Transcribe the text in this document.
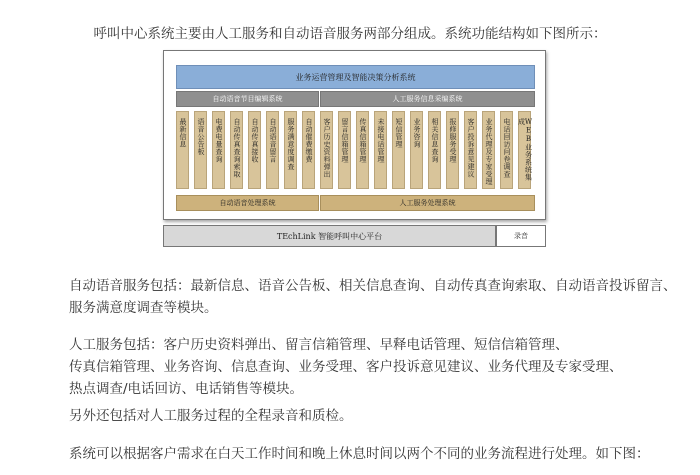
呼叫中心系统主要由人工服务和自动语音服务两部分组成。系统功能结构如下图所示：
业务运营管理及智能决策分析系统
自动语音节目编辑系统	人工服务信息采编系统
最新信息 语音公告板 电费电量查询 自动传真查询索取 自动传真接收 自动语音留言 服务满意度调查 自动催费缴费 客户历史资料弹出 留言信箱管理 传真信箱管理 未接电话管理 短信管理 业务咨询 相关信息查询 报修服务受理 客户投诉意见建议 业务代理及专家受理 电话回访问卷调查	WEB业务系统集成
自动语音处理系统	人工服务处理系统
TEchLink 智能呼叫中心平台	录音
自动语音服务包括：最新信息、语音公告板、相关信息查询、自动传真查询索取、自动语音投诉留言、
服务满意度调查等模块。
人工服务包括：客户历史资料弹出、留言信箱管理、早释电话管理、短信信箱管理、
传真信箱管理、业务咨询、信息查询、业务受理、客户投诉意见建议、业务代理及专家受理、
热点调查/电话回访、电话销售等模块。
另外还包括对人工服务过程的全程录音和质检。
系统可以根据客户需求在白天工作时间和晚上休息时间以两个不同的业务流程进行处理。如下图：
